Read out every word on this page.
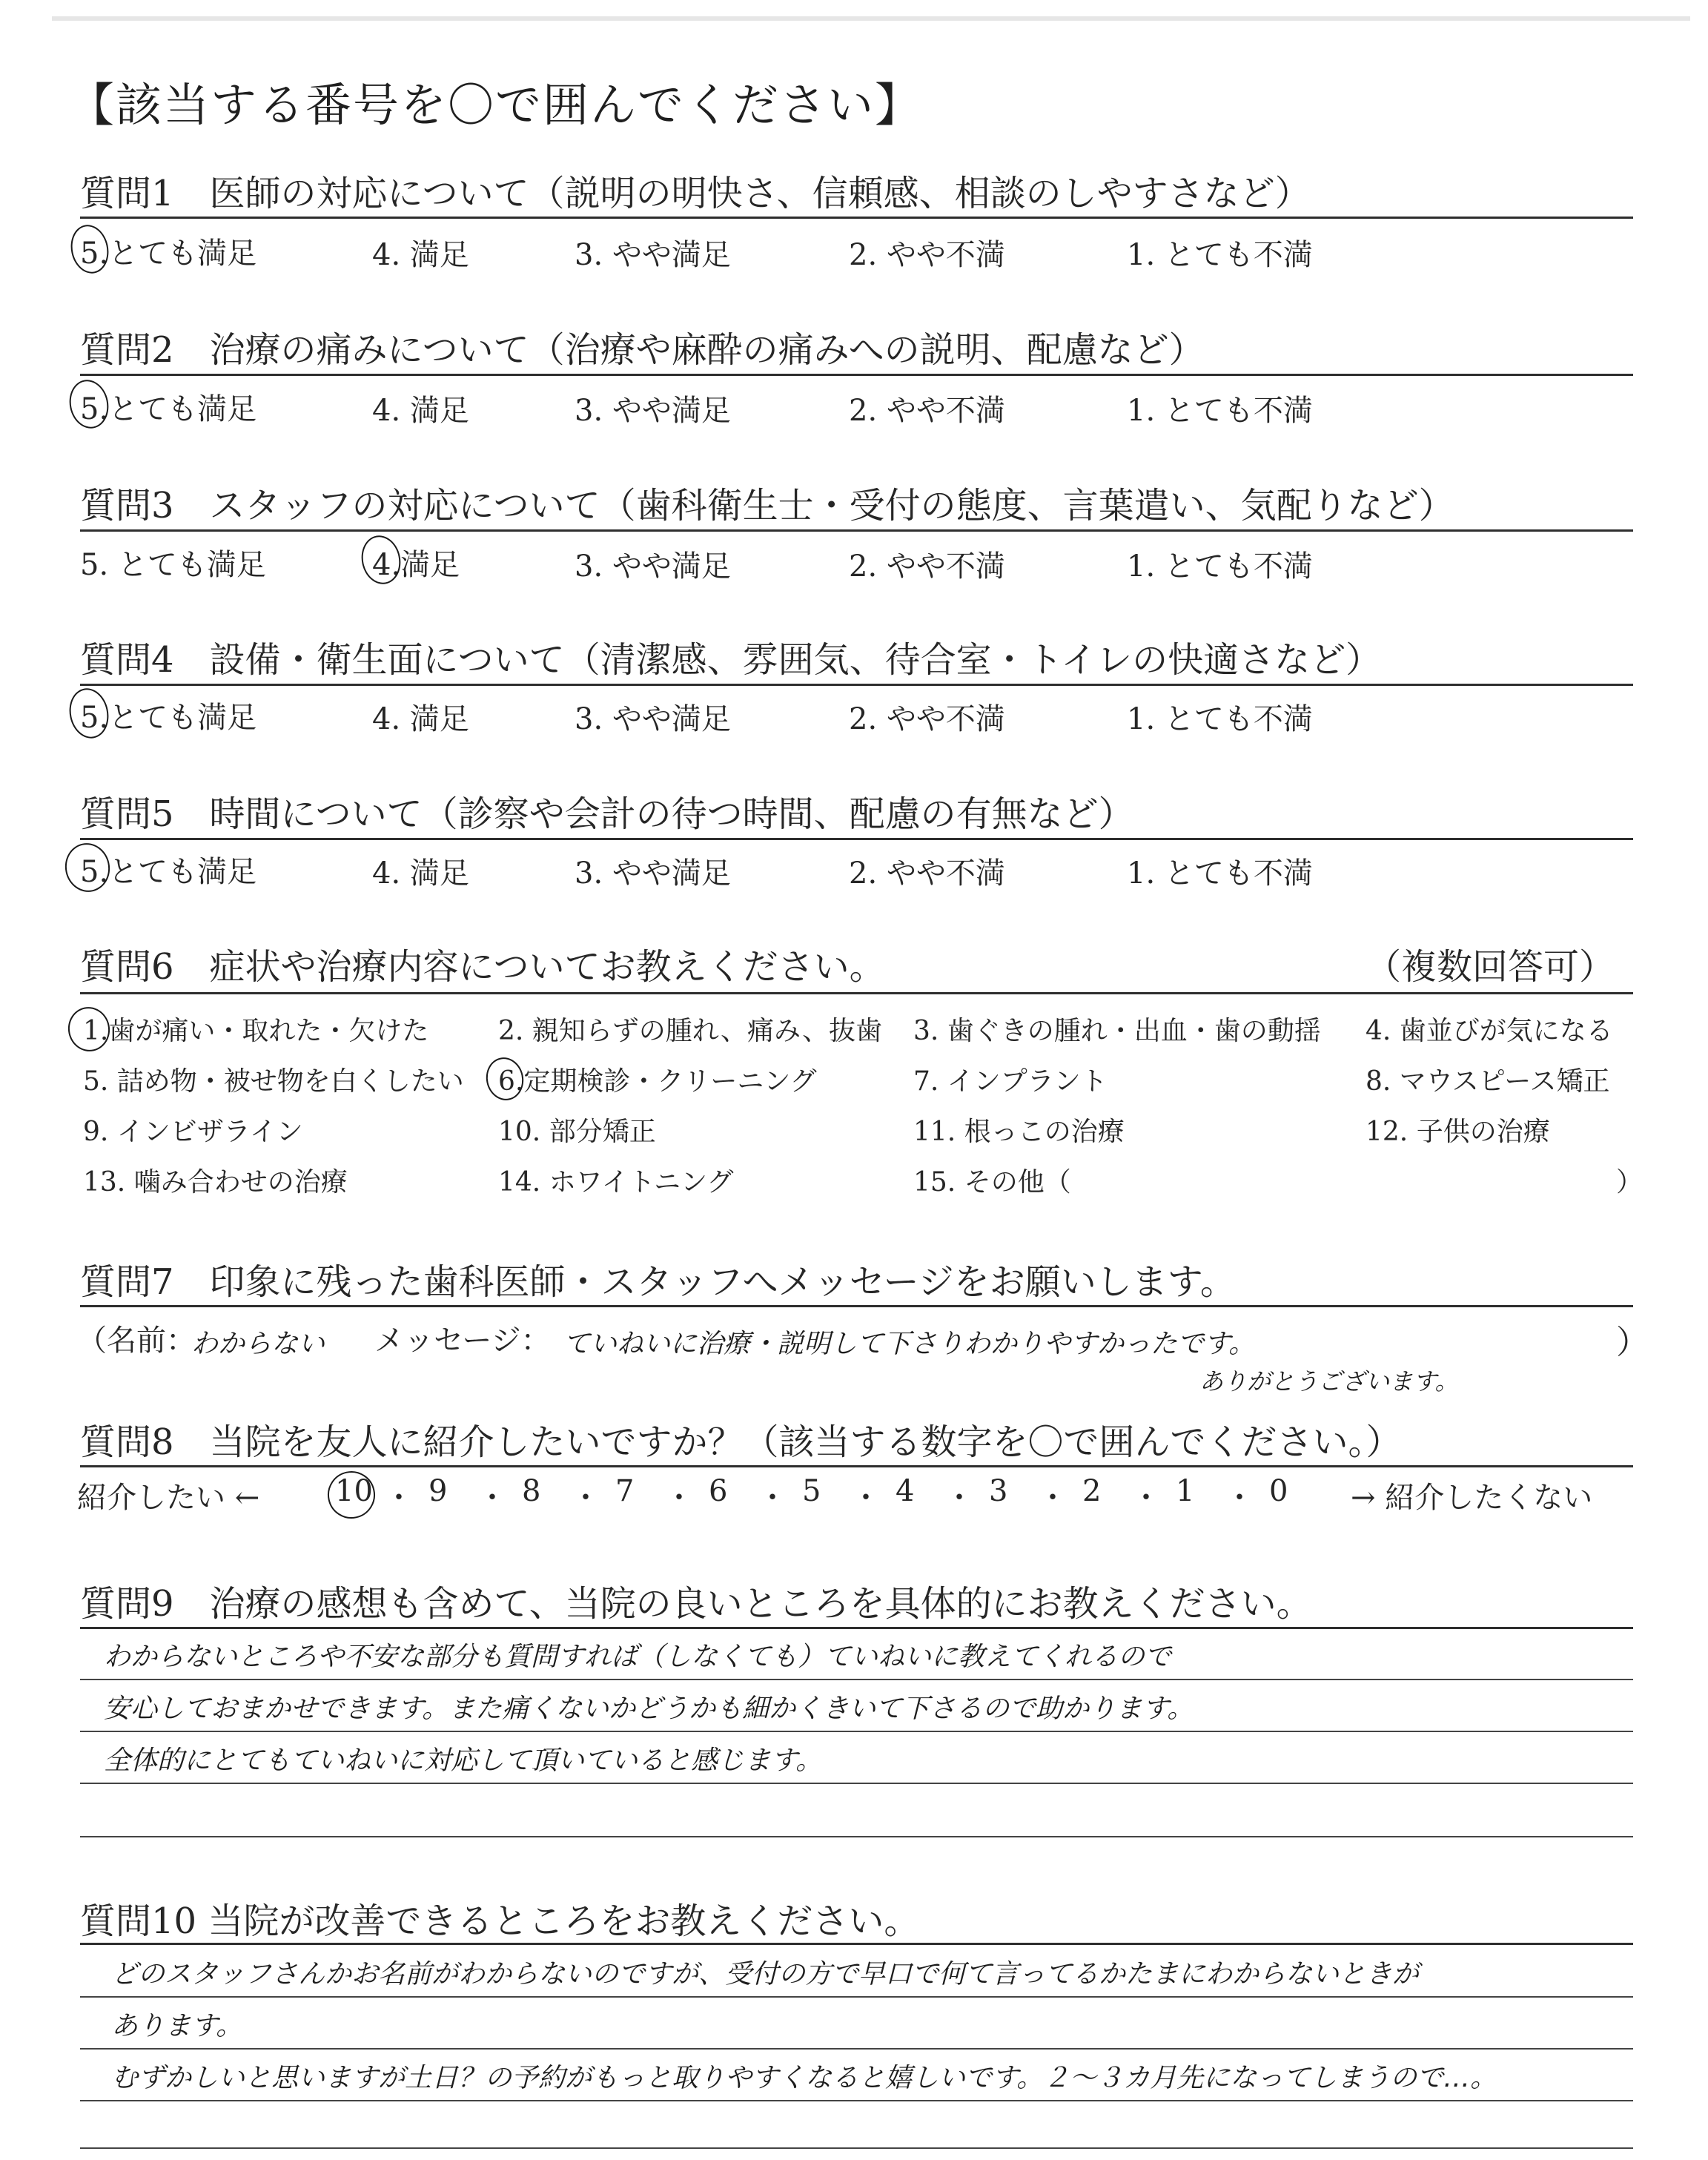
【該当する番号を〇で囲んでください】
質問1　医師の対応について（説明の明快さ、信頼感、相談のしやすさなど）
5.とても満足	4. 満足	3. やや満足	2. やや不満	1. とても不満
質問2　治療の痛みについて（治療や麻酔の痛みへの説明、配慮など）
5.とても満足	4. 満足	3. やや満足	2. やや不満	1. とても不満
質問3　スタッフの対応について（歯科衛生士・受付の態度、言葉遣い、気配りなど）
5. とても満足	4.満足	3. やや満足	2. やや不満	1. とても不満
質問4　設備・衛生面について（清潔感、雰囲気、待合室・トイレの快適さなど）
5.とても満足	4. 満足	3. やや満足	2. やや不満	1. とても不満
質問5　時間について（診察や会計の待つ時間、配慮の有無など）
5.とても満足	4. 満足	3. やや満足	2. やや不満	1. とても不満
質問6　症状や治療内容についてお教えください。	（複数回答可）
1.歯が痛い・取れた・欠けた	2. 親知らずの腫れ、痛み、抜歯 3. 歯ぐきの腫れ・出血・歯の動揺 4. 歯並びが気になる
5. 詰め物・被せ物を白くしたい 6.定期検診・クリーニング	7. インプラント	8. マウスピース矯正
9. インビザライン	10. 部分矯正	11. 根っこの治療	12. 子供の治療
13. 噛み合わせの治療	14. ホワイトニング	15. その他（	）
質問7　印象に残った歯科医師・スタッフへメッセージをお願いします。
（名前：
わからない メッセージ： ていねいに治療・説明して下さりわかりやすかったです。
ありがとうございます。
）
質問8　当院を友人に紹介したいですか？（該当する数字を〇で囲んでください。）
紹介したい ←	10 ・ 9 ・ 8 ・ 7 ・ 6 ・ 5 ・ 4 ・ 3 ・ 2 ・ 1 ・ 0 → 紹介したくない
質問9　治療の感想も含めて、当院の良いところを具体的にお教えください。
わからないところや不安な部分も質問すれば（しなくても）ていねいに教えてくれるので
安心しておまかせできます。また痛くないかどうかも細かくきいて下さるので助かります。
全体的にとてもていねいに対応して頂いていると感じます。
質問10 当院が改善できるところをお教えください。
どのスタッフさんかお名前がわからないのですが、受付の方で早口で何て言ってるかたまにわからないときが
あります。
むずかしいと思いますが土日？の予約がもっと取りやすくなると嬉しいです。２～３カ月先になってしまうので…。
